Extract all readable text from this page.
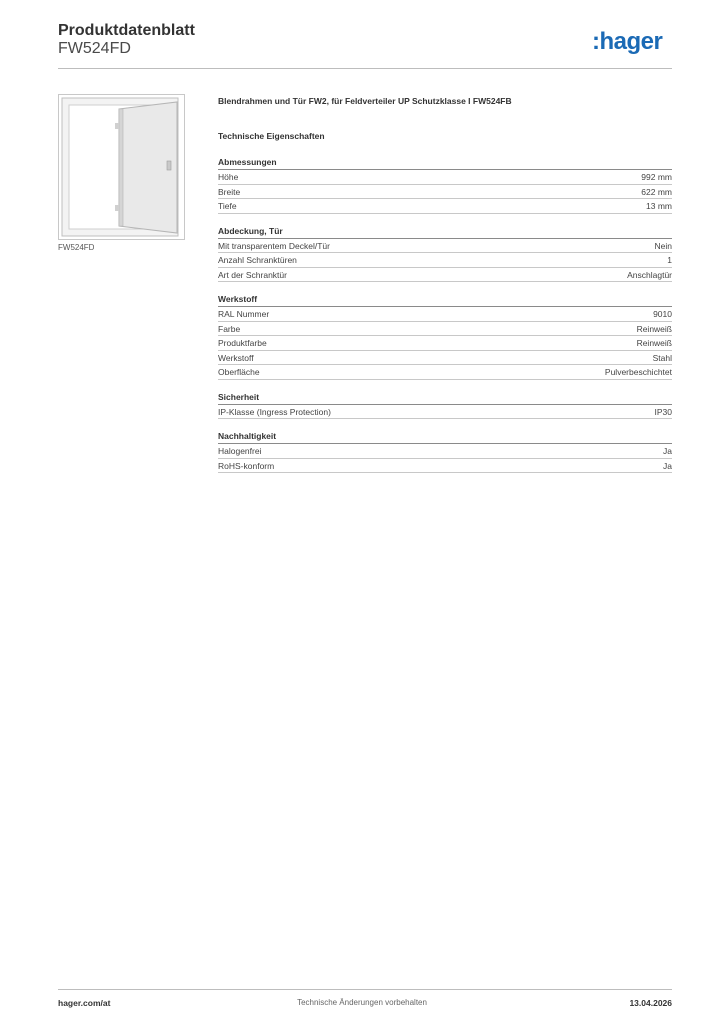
Produktdatenblatt
FW524FD	:hager
FW524FD
Blendrahmen und Tür FW2, für Feldverteiler UP Schutzklasse I FW524FB
Technische Eigenschaften
Abmessungen
Höhe	992 mm
Breite	622 mm
Tiefe	13 mm
Abdeckung, Tür
Mit transparentem Deckel/Tür	Nein
Anzahl Schranktüren	1
Art der Schranktür	Anschlagtür
Werkstoff
RAL Nummer	9010
Farbe	Reinweiß
Produktfarbe	Reinweiß
Werkstoff	Stahl
Oberfläche	Pulverbeschichtet
Sicherheit
IP-Klasse (Ingress Protection)	IP30
Nachhaltigkeit
Halogenfrei	Ja
RoHS-konform	Ja
hager.com/at	Technische Änderungen vorbehalten	13.04.2026
